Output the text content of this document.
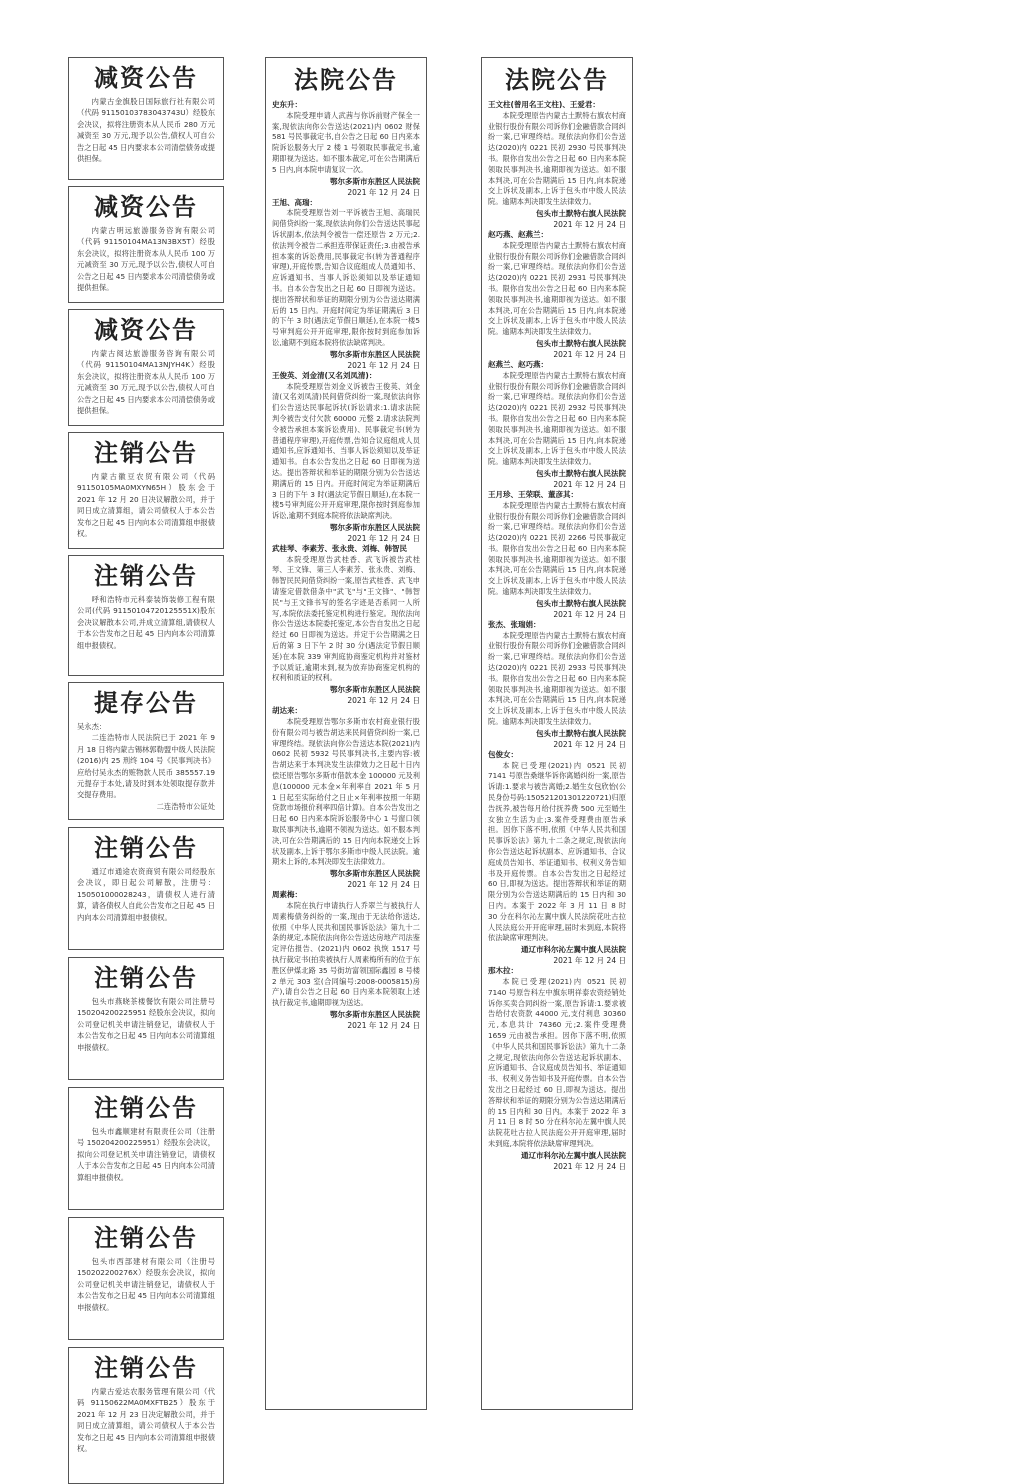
减资公告
内蒙古金旗股日国际旅行社有限公司（代码 91150103783043743U）经股东会决议，拟将注册资本从人民币 280 万元减资至 30 万元,现予以公告,债权人可自公告之日起 45 日内要求本公司清偿债务或提供担保。
减资公告
内蒙古明远旅游服务咨询有限公司（代码 91150104MA13N3BX5T）经股东会决议，拟将注册资本从人民币 100 万元减资至 30 万元,现予以公告,债权人可自公告之日起 45 日内要求本公司清偿债务或提供担保。
减资公告
内蒙古阅达旅游服务咨询有限公司（代码 91150104MA13NJYH4K）经股东会决议，拟将注册资本从人民币 100 万元减资至 30 万元,现予以公告,债权人可自公告之日起 45 日内要求本公司清偿债务或提供担保。
注销公告
内蒙古徽豆农贸有限公司（代码 91150105MA0MXYN65H）股东会于 2021 年 12 月 20 日决议解散公司，并于同日成立清算组，请公司债权人于本公告发布之日起 45 日内向本公司清算组申报债权。
注销公告
呼和浩特市元科泰装饰装修工程有限公司(代码 91150104720125551X)股东会决议解散本公司,并成立清算组,请债权人于本公告发布之日起 45 日内向本公司清算组申报债权。
提存公告
吴永杰：
二连浩特市人民法院已于 2021 年 9 月 18 日将内蒙古锡林郭勒盟中级人民法院(2016)内 25 刑终 104 号《民事判决书》应给付吴永杰的赃物款人民币 385557.19 元提存于本处,请及时到本处领取提存款并交提存费用。
二连浩特市公证处
注销公告
通辽市通途农资商贸有限公司经股东会决议，即日起公司解散，注册号：150501000028243，请债权人进行清算，请各债权人自此公告发布之日起 45 日内向本公司清算组申报债权。
注销公告
包头市燕晓茶楼餐饮有限公司注册号 150204200225951 经股东会决议，拟向公司登记机关申请注销登记，请债权人于本公告发布之日起 45 日内向本公司清算组申报债权。
注销公告
包头市鑫顺建材有限责任公司（注册号 150204200225951）经股东会决议，拟向公司登记机关申请注销登记，请债权人于本公告发布之日起 45 日内向本公司清算组申报债权。
注销公告
包头市西部建材有限公司（注册号 150202200276X）经股东会决议，拟向公司登记机关申请注销登记，请债权人于本公告发布之日起 45 日内向本公司清算组申报债权。
注销公告
内蒙古爱达农服务管理有限公司（代码 91150622MA0MXFTB25）股东于 2021 年 12 月 23 日决定解散公司，并于同日成立清算组，请公司债权人于本公告发布之日起 45 日内向本公司清算组申报债权。
法院公告
史东升：
本院受理申请人武茜与你诉前财产保全一案,现依法向你公告送达(2021)内 0602 财保 581 号民事裁定书,自公告之日起 60 日内来本院诉讼服务大厅 2 楼 1 号领取民事裁定书,逾期即视为送达。如不服本裁定,可在公告期满后 5 日内,向本院申请复议一次。
鄂尔多斯市东胜区人民法院
2021 年 12 月 24 日
王旭、高瑞：
本院受理原告刘一平诉被告王旭、高瑞民间借贷纠纷一案,现依法向你们公告送达民事起诉状副本,依法判令被告一偿还原告 2 万元;2.依法判令被告二承担连带保证责任;3.由被告承担本案的诉讼费用,民事裁定书(转为普通程序审理),开庭传票,告知合议庭组成人员通知书、应诉通知书、当事人诉讼须知以及举证通知书。自本公告发出之日起 60 日即视为送达。提出答辩状和举证的期限分别为公告送达期满后的 15 日内。开庭时间定为举证期满后 3 日的下午 3 时(遇法定节假日顺延),在本院一楼5号审判庭公开开庭审理,限你按时到庭参加诉讼,逾期不到庭本院将依法缺席判决。
鄂尔多斯市东胜区人民法院
2021 年 12 月 24 日
王俊英、刘金清(又名刘凤清)：
本院受理原告刘金义诉被告王俊英、刘金清(又名刘凤清)民间借贷纠纷一案,现依法向你们公告送达民事起诉状(诉讼请求:1.请求法院判令被告支付欠款 60000 元整 2.请求法院判令被告承担本案诉讼费用)、民事裁定书(转为普通程序审理),开庭传票,告知合议庭组成人员通知书,应诉通知书、当事人诉讼须知以及举证通知书。自本公告发出之日起 60 日即视为送达。提出答辩状和举证的期限分别为公告送达期满后的 15 日内。开庭时间定为举证期满后 3 日的下午 3 时(遇法定节假日顺延),在本院一楼5号审判庭公开开庭审理,限你按时到庭参加诉讼,逾期不到庭本院将依法缺席判决。
鄂尔多斯市东胜区人民法院
2021 年 12 月 24 日
武桂琴、李素芳、张永贵、刘梅、韩智民
本院受理原告武桂香、武飞诉被告武桂琴、王文锋、第三人李素芳、张永贵、刘梅、韩智民民间借贷纠纷一案,原告武桂香、武飞申请鉴定借款借条中"武飞"与"王文锋"、"韩智民"与王文锋书写的签名字迹是否系同一人所写,本院依法委托鉴定机构进行鉴定。现依法向你公告送达本院委托鉴定,本公告自发出之日起经过 60 日即视为送达。并定于公告期满之日后的第 3 日下午 2 时 30 分(遇法定节假日顺延)在本院 339 审判庭协商鉴定机构并对鉴材予以质证,逾期未到,视为放弃协商鉴定机构的权利和质证的权利。
鄂尔多斯市东胜区人民法院
2021 年 12 月 24 日
胡达来：
本院受理原告鄂尔多斯市农村商业银行股份有限公司与被告胡达来民间借贷纠纷一案,已审理终结。现依法向你公告送达本院(2021)内 0602 民初 5932 号民事判决书,主要内容:被告胡达来于本判决发生法律效力之日起十日内偿还原告鄂尔多斯市借款本金 100000 元及利息(100000 元本金×年利率自 2021 年 5 月 1 日起至实际给付之日止×年利率按照一年期贷款市场报价利率四倍计算)。自本公告发出之日起 60 日内来本院诉讼服务中心 1 号窗口领取民事判决书,逾期不领视为送达。如不服本判决,可在公告期满后的 15 日内向本院递交上诉状及副本,上诉于鄂尔多斯市中级人民法院。逾期未上诉的,本判决即发生法律效力。
鄂尔多斯市东胜区人民法院
2021 年 12 月 24 日
周素梅：
本院在执行申请执行人乔翠兰与被执行人周素梅债务纠纷的一案,现由于无法给你送达,依照《中华人民共和国民事诉讼法》第九十二条的规定,本院依法向你公告送达房地产司法鉴定评估报告、(2021)内 0602 执恢 1517 号执行裁定书(拍卖被执行人周素梅所有的位于东胜区伊煤北路 35 号街坊富领国际鑫园 8 号楼 2 单元 303 室(合同编号:2008-0005815)房产),请自公告之日起 60 日内来本院领取上述执行裁定书,逾期即视为送达。
鄂尔多斯市东胜区人民法院
2021 年 12 月 24 日
法院公告
王文柱(曾用名王文柱)、王爱君：
本院受理原告内蒙古土默特右旗农村商业银行股份有限公司诉你们金融借款合同纠纷一案,已审理终结。现依法向你们公告送达(2020)内 0221 民初 2930 号民事判决书。限你自发出公告之日起 60 日内来本院领取民事判决书,逾期即视为送达。如不服本判决,可在公告期满后 15 日内,向本院递交上诉状及副本,上诉于包头市中级人民法院。逾期本判决即发生法律效力。
包头市土默特右旗人民法院
2021 年 12 月 24 日
赵巧燕、赵燕兰：
本院受理原告内蒙古土默特右旗农村商业银行股份有限公司诉你们金融借款合同纠纷一案,已审理终结。现依法向你们公告送达(2020)内 0221 民初 2931 号民事判决书。限你自发出公告之日起 60 日内来本院领取民事判决书,逾期即视为送达。如不服本判决,可在公告期满后 15 日内,向本院递交上诉状及副本,上诉于包头市中级人民法院。逾期本判决即发生法律效力。
包头市土默特右旗人民法院
2021 年 12 月 24 日
赵燕兰、赵巧燕：
本院受理原告内蒙古土默特右旗农村商业银行股份有限公司诉你们金融借款合同纠纷一案,已审理终结。现依法向你们公告送达(2020)内 0221 民初 2932 号民事判决书。限你自发出公告之日起 60 日内来本院领取民事判决书,逾期即视为送达。如不服本判决,可在公告期满后 15 日内,向本院递交上诉状及副本,上诉于包头市中级人民法院。逾期本判决即发生法律效力。
包头市土默特右旗人民法院
2021 年 12 月 24 日
王月珍、王荣联、董彦其：
本院受理原告内蒙古土默特右旗农村商业银行股份有限公司诉你们金融借款合同纠纷一案,已审理终结。现依法向你们公告送达(2020)内 0221 民初 2266 号民事裁定书。限你自发出公告之日起 60 日内来本院领取民事判决书,逾期即视为送达。如不服本判决,可在公告期满后 15 日内,向本院递交上诉状及副本,上诉于包头市中级人民法院。逾期本判决即发生法律效力。
包头市土默特右旗人民法院
2021 年 12 月 24 日
张杰、张瑞娟：
本院受理原告内蒙古土默特右旗农村商业银行股份有限公司诉你们金融借款合同纠纷一案,已审理终结。现依法向你们公告送达(2020)内 0221 民初 2933 号民事判决书。限你自发出公告之日起 60 日内来本院领取民事判决书,逾期即视为送达。如不服本判决,可在公告期满后 15 日内,向本院递交上诉状及副本,上诉于包头市中级人民法院。逾期本判决即发生法律效力。
包头市土默特右旗人民法院
2021 年 12 月 24 日
包俊女：
本院已受理(2021)内 0521 民初 7141 号原告桑继华诉你离婚纠纷一案,原告诉请:1.要求与被告离婚;2.婚生女包欣怡(公民身份号码:150521201301220721)归原告抚养,被告每月给付抚养费 500 元至婚生女独立生活为止;3.案件受理费由原告承担。因你下落不明,依照《中华人民共和国民事诉讼法》第九十二条之规定,现依法向你公告送达起诉状副本、应诉通知书、合议庭成员告知书、举证通知书、权利义务告知书及开庭传票。自本公告发出之日起经过 60 日,即视为送达。提出答辩状和举证的期限分别为公告送达期满后的 15 日内和 30 日内。本案于 2022 年 3 月 11 日 8 时 30 分在科尔沁左翼中旗人民法院花吐古拉人民法庭公开开庭审理,届时未到庭,本院将依法缺席审理判决。
通辽市科尔沁左翼中旗人民法院
2021 年 12 月 24 日
那木拉：
本院已受理(2021)内 0521 民初 7140 号原告科左中旗东明祥泰农资经销处诉你买卖合同纠纷一案,原告诉请:1.要求被告给付农资款 44000 元,支付利息 30360 元,本息共计 74360 元;2.案件受理费 1659 元由被告承担。因你下落不明,依照《中华人民共和国民事诉讼法》第九十二条之规定,现依法向你公告送达起诉状副本、应诉通知书、合议庭成员告知书、举证通知书、权利义务告知书及开庭传票。自本公告发出之日起经过 60 日,即视为送达。提出答辩状和举证的期限分别为公告送达期满后的 15 日内和 30 日内。本案于 2022 年 3 月 11 日 8 时 50 分在科尔沁左翼中旗人民法院花吐古拉人民法庭公开开庭审理,届时未到庭,本院将依法缺席审理判决。
通辽市科尔沁左翼中旗人民法院
2021 年 12 月 24 日
